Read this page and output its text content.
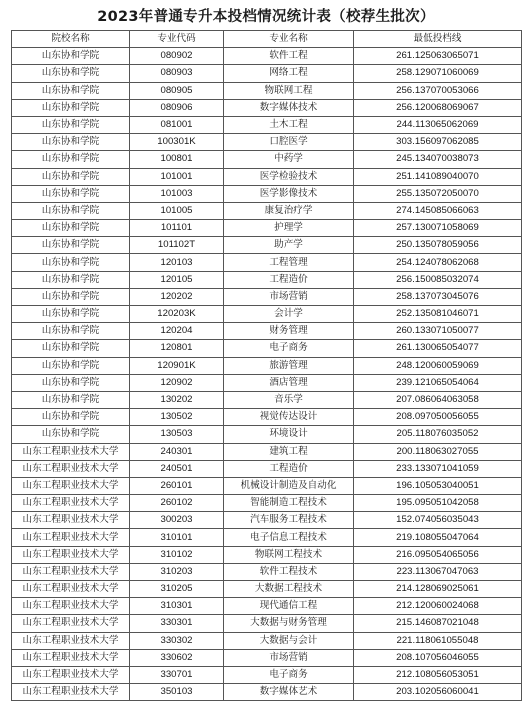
2023年普通专升本投档情况统计表（校荐生批次）
院校名称	专业代码	专业名称	最低投档线
山东协和学院	080902	软件工程	261.125063065071
山东协和学院	080903	网络工程	258.129071060069
山东协和学院	080905	物联网工程	256.137070053066
山东协和学院	080906	数字媒体技术	256.120068069067
山东协和学院	081001	土木工程	244.113065062069
山东协和学院	100301K	口腔医学	303.156097062085
山东协和学院	100801	中药学	245.134070038073
山东协和学院	101001	医学检验技术	251.141089040070
山东协和学院	101003	医学影像技术	255.135072050070
山东协和学院	101005	康复治疗学	274.145085066063
山东协和学院	101101	护理学	257.130071058069
山东协和学院	101102T	助产学	250.135078059056
山东协和学院	120103	工程管理	254.124078062068
山东协和学院	120105	工程造价	256.150085032074
山东协和学院	120202	市场营销	258.137073045076
山东协和学院	120203K	会计学	252.135081046071
山东协和学院	120204	财务管理	260.133071050077
山东协和学院	120801	电子商务	261.130065054077
山东协和学院	120901K	旅游管理	248.120060059069
山东协和学院	120902	酒店管理	239.121065054064
山东协和学院	130202	音乐学	207.086064063058
山东协和学院	130502	视觉传达设计	208.097050056055
山东协和学院	130503	环境设计	205.118076035052
山东工程职业技术大学	240301	建筑工程	200.118063027055
山东工程职业技术大学	240501	工程造价	233.133071041059
山东工程职业技术大学	260101	机械设计制造及自动化	196.105053040051
山东工程职业技术大学	260102	智能制造工程技术	195.095051042058
山东工程职业技术大学	300203	汽车服务工程技术	152.074056035043
山东工程职业技术大学	310101	电子信息工程技术	219.108055047064
山东工程职业技术大学	310102	物联网工程技术	216.095054065056
山东工程职业技术大学	310203	软件工程技术	223.113067047063
山东工程职业技术大学	310205	大数据工程技术	214.128069025061
山东工程职业技术大学	310301	现代通信工程	212.120060024068
山东工程职业技术大学	330301	大数据与财务管理	215.146087021048
山东工程职业技术大学	330302	大数据与会计	221.118061055048
山东工程职业技术大学	330602	市场营销	208.107056046055
山东工程职业技术大学	330701	电子商务	212.108056053051
山东工程职业技术大学	350103	数字媒体艺术	203.102056060041
